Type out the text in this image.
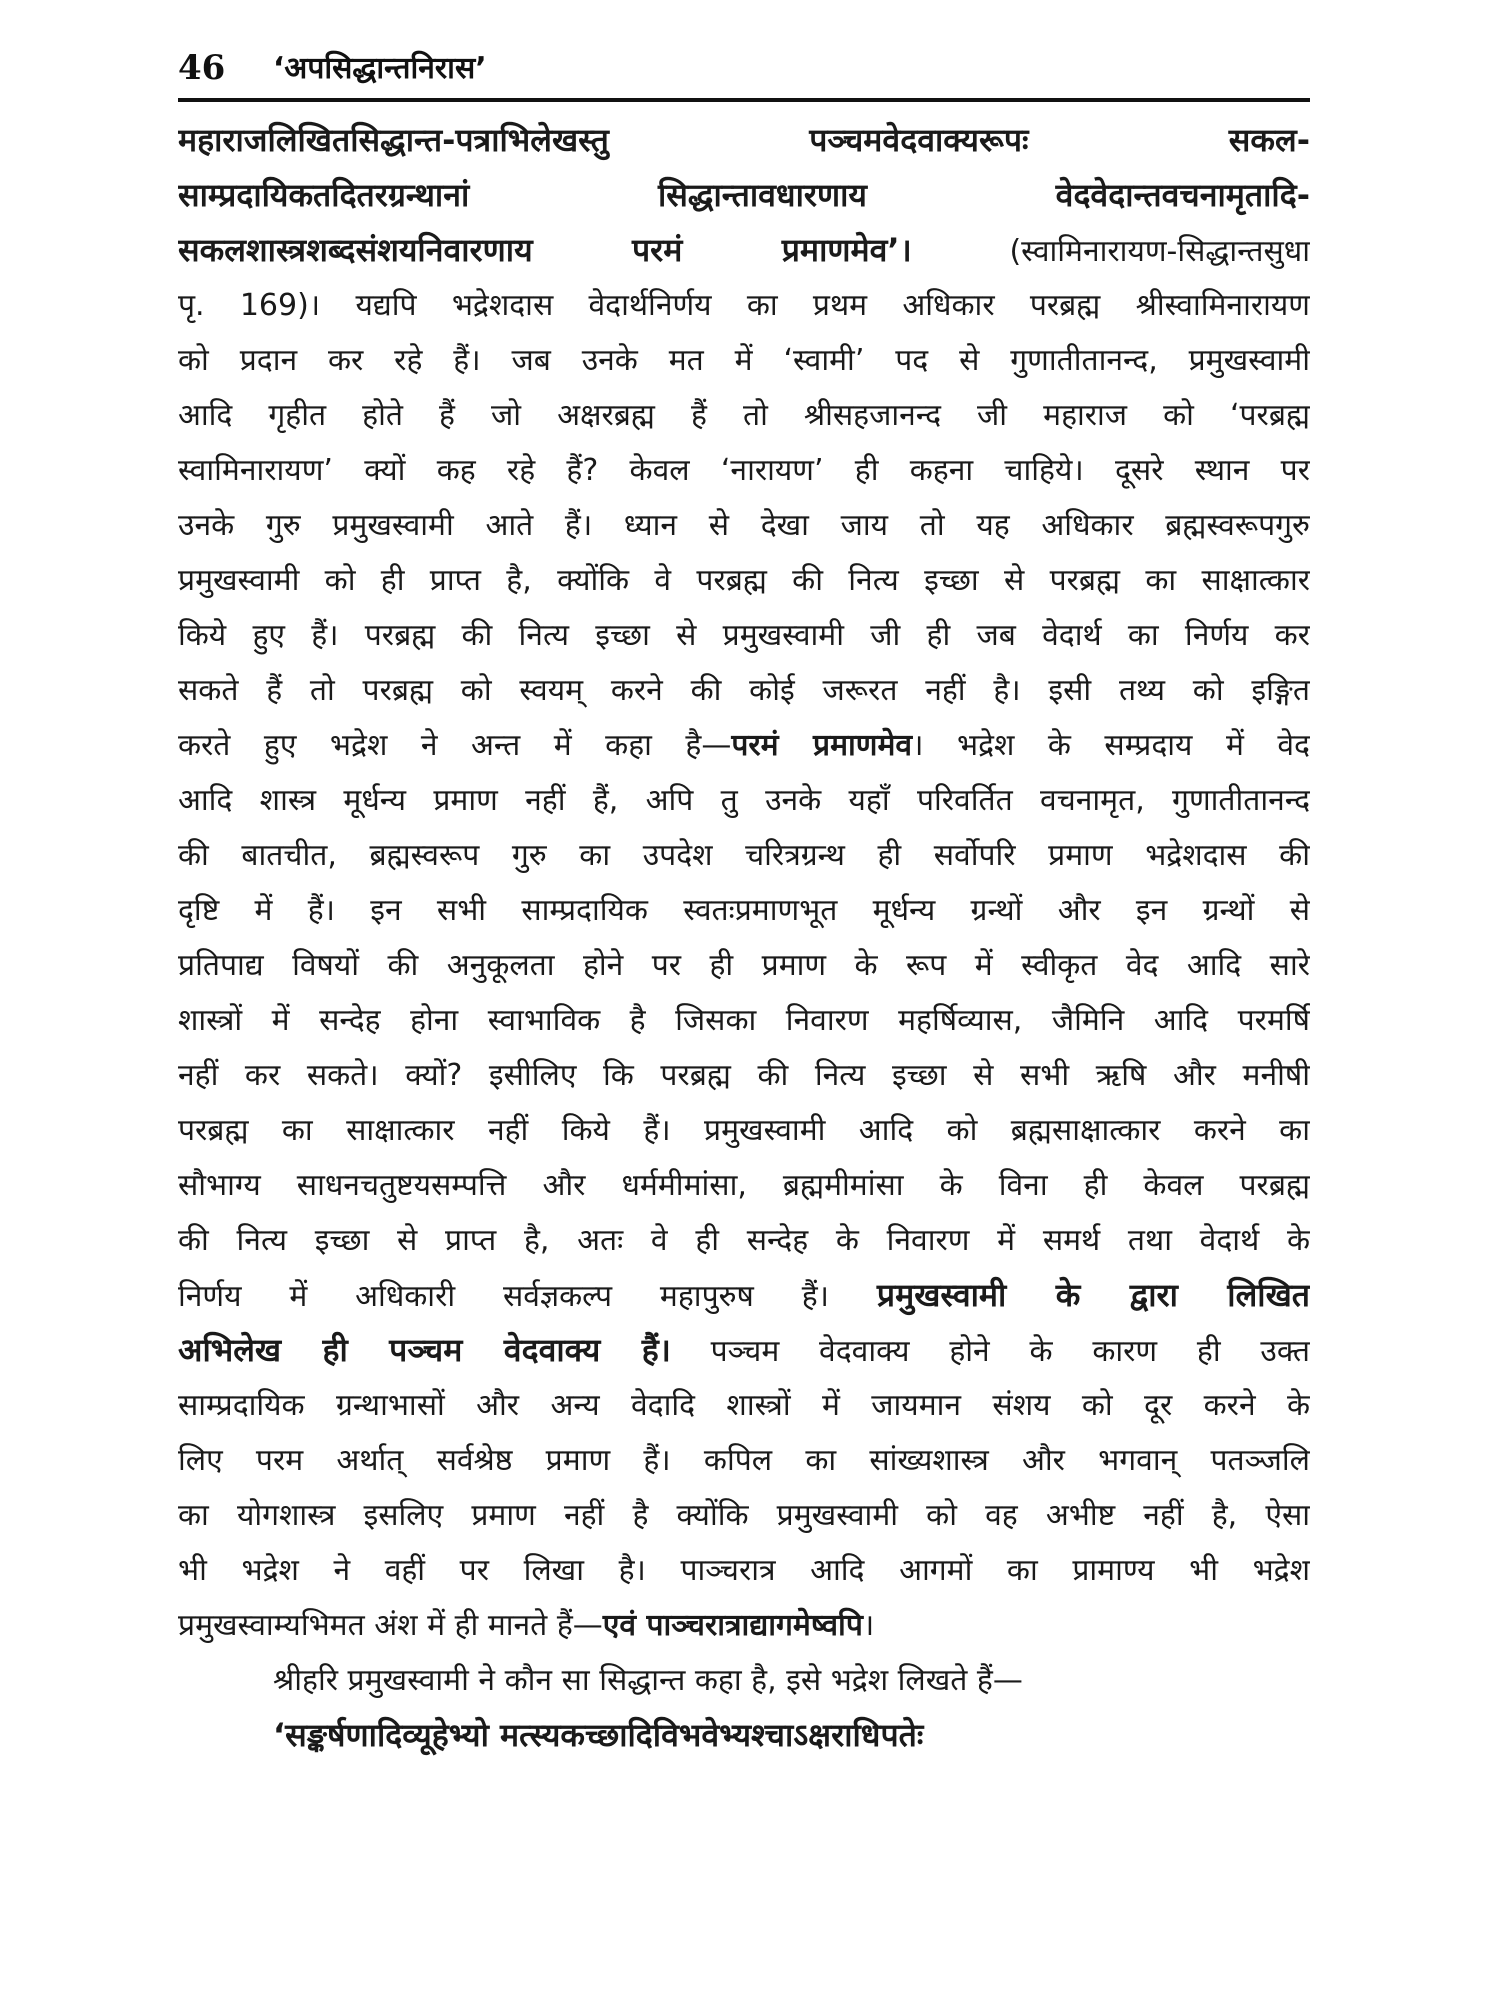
46 ‘अपसिद्धान्तनिरास’
महाराजलिखितसिद्धान्त-पत्राभिलेखस्तु पञ्चमवेदवाक्यरूपः सकल-
साम्प्रदायिकतदितरग्रन्थानां सिद्धान्तावधारणाय वेदवेदान्तवचनामृतादि-
सकलशास्त्रशब्दसंशयनिवारणाय परमं प्रमाणमेव’। (स्वामिनारायण-सिद्धान्तसुधा
पृ. 169)। यद्यपि भद्रेशदास वेदार्थनिर्णय का प्रथम अधिकार परब्रह्म श्रीस्वामिनारायण
को प्रदान कर रहे हैं। जब उनके मत में ‘स्वामी’ पद से गुणातीतानन्द, प्रमुखस्वामी
आदि गृहीत होते हैं जो अक्षरब्रह्म हैं तो श्रीसहजानन्द जी महाराज को ‘परब्रह्म
स्वामिनारायण’ क्यों कह रहे हैं? केवल ‘नारायण’ ही कहना चाहिये। दूसरे स्थान पर
उनके गुरु प्रमुखस्वामी आते हैं। ध्यान से देखा जाय तो यह अधिकार ब्रह्मस्वरूपगुरु
प्रमुखस्वामी को ही प्राप्त है, क्योंकि वे परब्रह्म की नित्य इच्छा से परब्रह्म का साक्षात्कार
किये हुए हैं। परब्रह्म की नित्य इच्छा से प्रमुखस्वामी जी ही जब वेदार्थ का निर्णय कर
सकते हैं तो परब्रह्म को स्वयम् करने की कोई जरूरत नहीं है। इसी तथ्य को इङ्गित
करते हुए भद्रेश ने अन्त में कहा है—परमं प्रमाणमेव। भद्रेश के सम्प्रदाय में वेद
आदि शास्त्र मूर्धन्य प्रमाण नहीं हैं, अपि तु उनके यहाँ परिवर्तित वचनामृत, गुणातीतानन्द
की बातचीत, ब्रह्मस्वरूप गुरु का उपदेश चरित्रग्रन्थ ही सर्वोपरि प्रमाण भद्रेशदास की
दृष्टि में हैं। इन सभी साम्प्रदायिक स्वतःप्रमाणभूत मूर्धन्य ग्रन्थों और इन ग्रन्थों से
प्रतिपाद्य विषयों की अनुकूलता होने पर ही प्रमाण के रूप में स्वीकृत वेद आदि सारे
शास्त्रों में सन्देह होना स्वाभाविक है जिसका निवारण महर्षिव्यास, जैमिनि आदि परमर्षि
नहीं कर सकते। क्यों? इसीलिए कि परब्रह्म की नित्य इच्छा से सभी ऋषि और मनीषी
परब्रह्म का साक्षात्कार नहीं किये हैं। प्रमुखस्वामी आदि को ब्रह्मसाक्षात्कार करने का
सौभाग्य साधनचतुष्टयसम्पत्ति और धर्ममीमांसा, ब्रह्ममीमांसा के विना ही केवल परब्रह्म
की नित्य इच्छा से प्राप्त है, अतः वे ही सन्देह के निवारण में समर्थ तथा वेदार्थ के
निर्णय में अधिकारी सर्वज्ञकल्प महापुरुष हैं। प्रमुखस्वामी के द्वारा लिखित
अभिलेख ही पञ्चम वेदवाक्य हैं। पञ्चम वेदवाक्य होने के कारण ही उक्त
साम्प्रदायिक ग्रन्थाभासों और अन्य वेदादि शास्त्रों में जायमान संशय को दूर करने के
लिए परम अर्थात् सर्वश्रेष्ठ प्रमाण हैं। कपिल का सांख्यशास्त्र और भगवान् पतञ्जलि
का योगशास्त्र इसलिए प्रमाण नहीं है क्योंकि प्रमुखस्वामी को वह अभीष्ट नहीं है, ऐसा
भी भद्रेश ने वहीं पर लिखा है। पाञ्चरात्र आदि आगमों का प्रामाण्य भी भद्रेश
प्रमुखस्वाम्यभिमत अंश में ही मानते हैं—एवं पाञ्चरात्राद्यागमेष्वपि।
श्रीहरि प्रमुखस्वामी ने कौन सा सिद्धान्त कहा है, इसे भद्रेश लिखते हैं—
‘सङ्कर्षणादिव्यूहेभ्यो मत्स्यकच्छादिविभवेभ्यश्चाऽक्षराधिपतेः
